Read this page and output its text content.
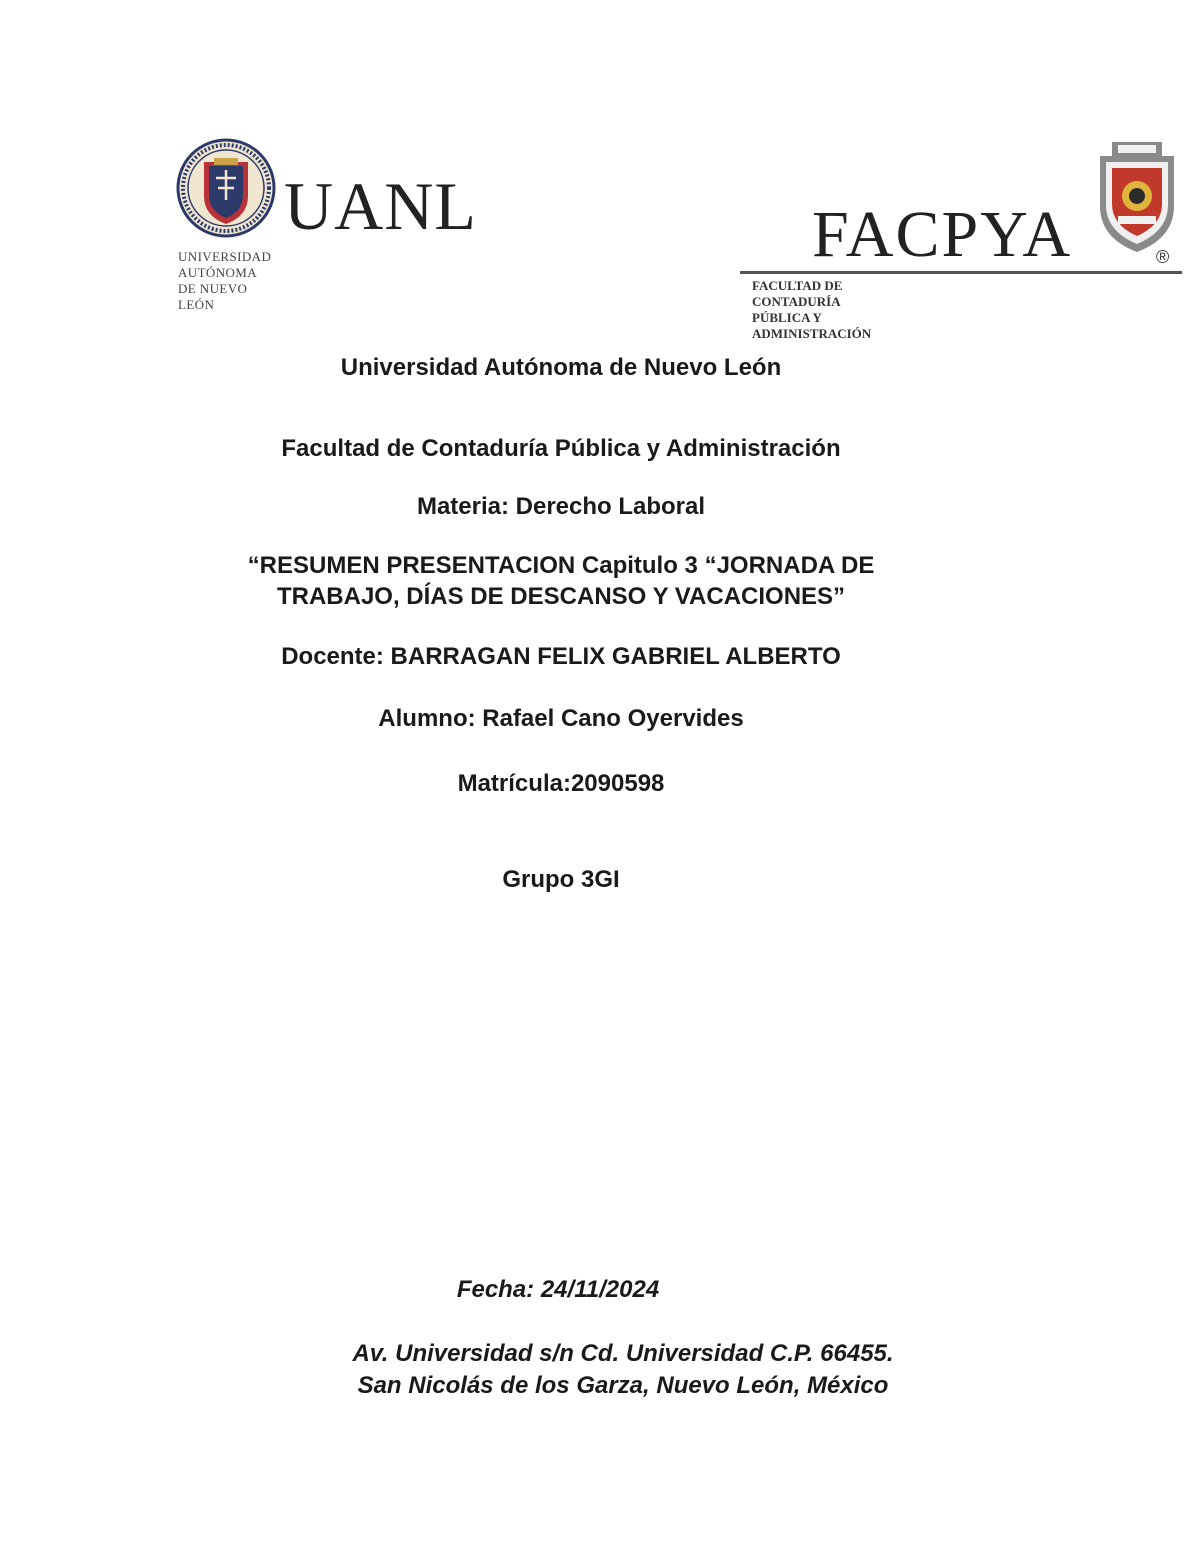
UANL
UNIVERSIDAD AUTÓNOMA DE NUEVO LEÓN
FACPYA	®
FACULTAD DE CONTADURÍA PÚBLICA Y ADMINISTRACIÓN
Universidad Autónoma de Nuevo León
Facultad de Contaduría Pública y Administración
Materia: Derecho Laboral
“RESUMEN PRESENTACION Capitulo 3 “JORNADA DE
TRABAJO, DÍAS DE DESCANSO Y VACACIONES”
Docente: BARRAGAN FELIX GABRIEL ALBERTO
Alumno: Rafael Cano Oyervides
Matrícula:2090598
Grupo 3GI
Fecha: 24/11/2024
Av. Universidad s/n Cd. Universidad C.P. 66455.
San Nicolás de los Garza, Nuevo León, México
